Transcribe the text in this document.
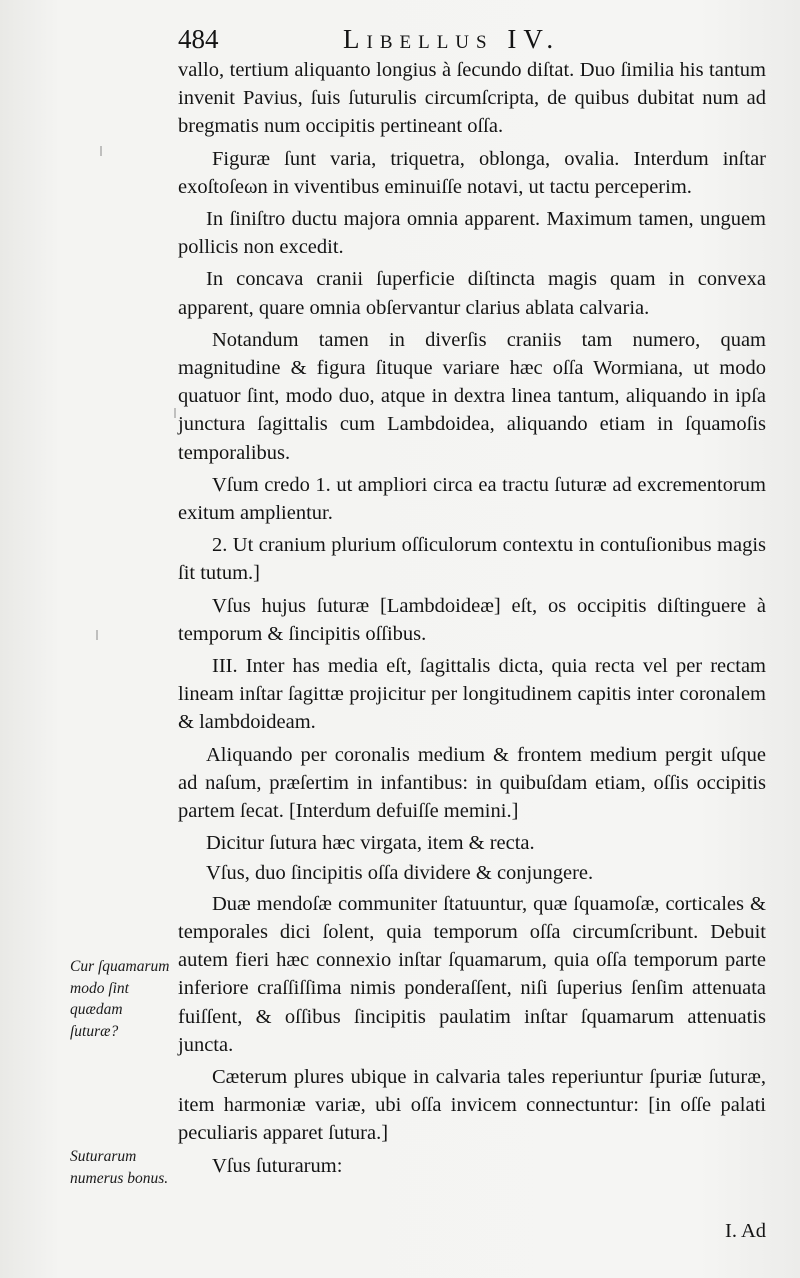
484	Libellus IV.

vallo, tertium aliquanto longius à ſecundo diſtat. Duo ſimilia his tantum invenit Pavius, ſuis ſuturulis circumſcripta, de quibus dubitat num ad bregmatis num occipitis pertineant oſſa.

Figuræ ſunt varia, triquetra, oblonga, ovalia. Interdum inſtar exoſtoſeωn in viventibus eminuiſſe notavi, ut tactu perceperim.

In ſiniſtro ductu majora omnia apparent. Maximum tamen, unguem pollicis non excedit.

In concava cranii ſuperficie diſtincta magis quam in convexa apparent, quare omnia obſervantur clarius ablata calvaria.

Notandum tamen in diverſis craniis tam numero, quam magnitudine & figura ſituque variare hæc oſſa Wormiana, ut modo quatuor ſint, modo duo, atque in dextra linea tantum, aliquando in ipſa junctura ſagittalis cum Lambdoidea, aliquando etiam in ſquamoſis temporalibus.

Vſum credo 1. ut ampliori circa ea tractu ſuturæ ad excrementorum exitum amplientur.

2. Ut cranium plurium oſſiculorum contextu in contuſionibus magis ſit tutum.]

Vſus hujus ſuturæ [Lambdoideæ] eſt, os occipitis diſtinguere à temporum & ſincipitis oſſibus.

III. Inter has media eſt, ſagittalis dicta, quia recta vel per rectam lineam inſtar ſagittæ projicitur per longitudinem capitis inter coronalem & lambdoideam.

Aliquando per coronalis medium & frontem medium pergit uſque ad naſum, præſertim in infantibus: in quibuſdam etiam, oſſis occipitis partem ſecat. [Interdum defuiſſe memini.]

Dicitur ſutura hæc virgata, item & recta.

Vſus, duo ſincipitis oſſa dividere & conjungere.

Duæ mendoſæ communiter ſtatuuntur, quæ ſquamoſæ, corticales & temporales dici ſolent, quia temporum oſſa circumſcribunt. Debuit autem fieri hæc connexio inſtar ſquamarum, quia oſſa temporum parte inferiore craſſiſſima nimis ponderaſſent, niſi ſuperius ſenſim attenuata fuiſſent, & oſſibus ſincipitis paulatim inſtar ſquamarum attenuatis juncta.

Cæterum plures ubique in calvaria tales reperiuntur ſpuriæ ſuturæ, item harmoniæ variæ, ubi oſſa invicem connectuntur: [in oſſe palati peculiaris apparet ſutura.]

Vſus ſuturarum:

Cur ſquamarum modo ſint quædam ſuturæ?
Suturarum numerus bonus.
I. Ad
